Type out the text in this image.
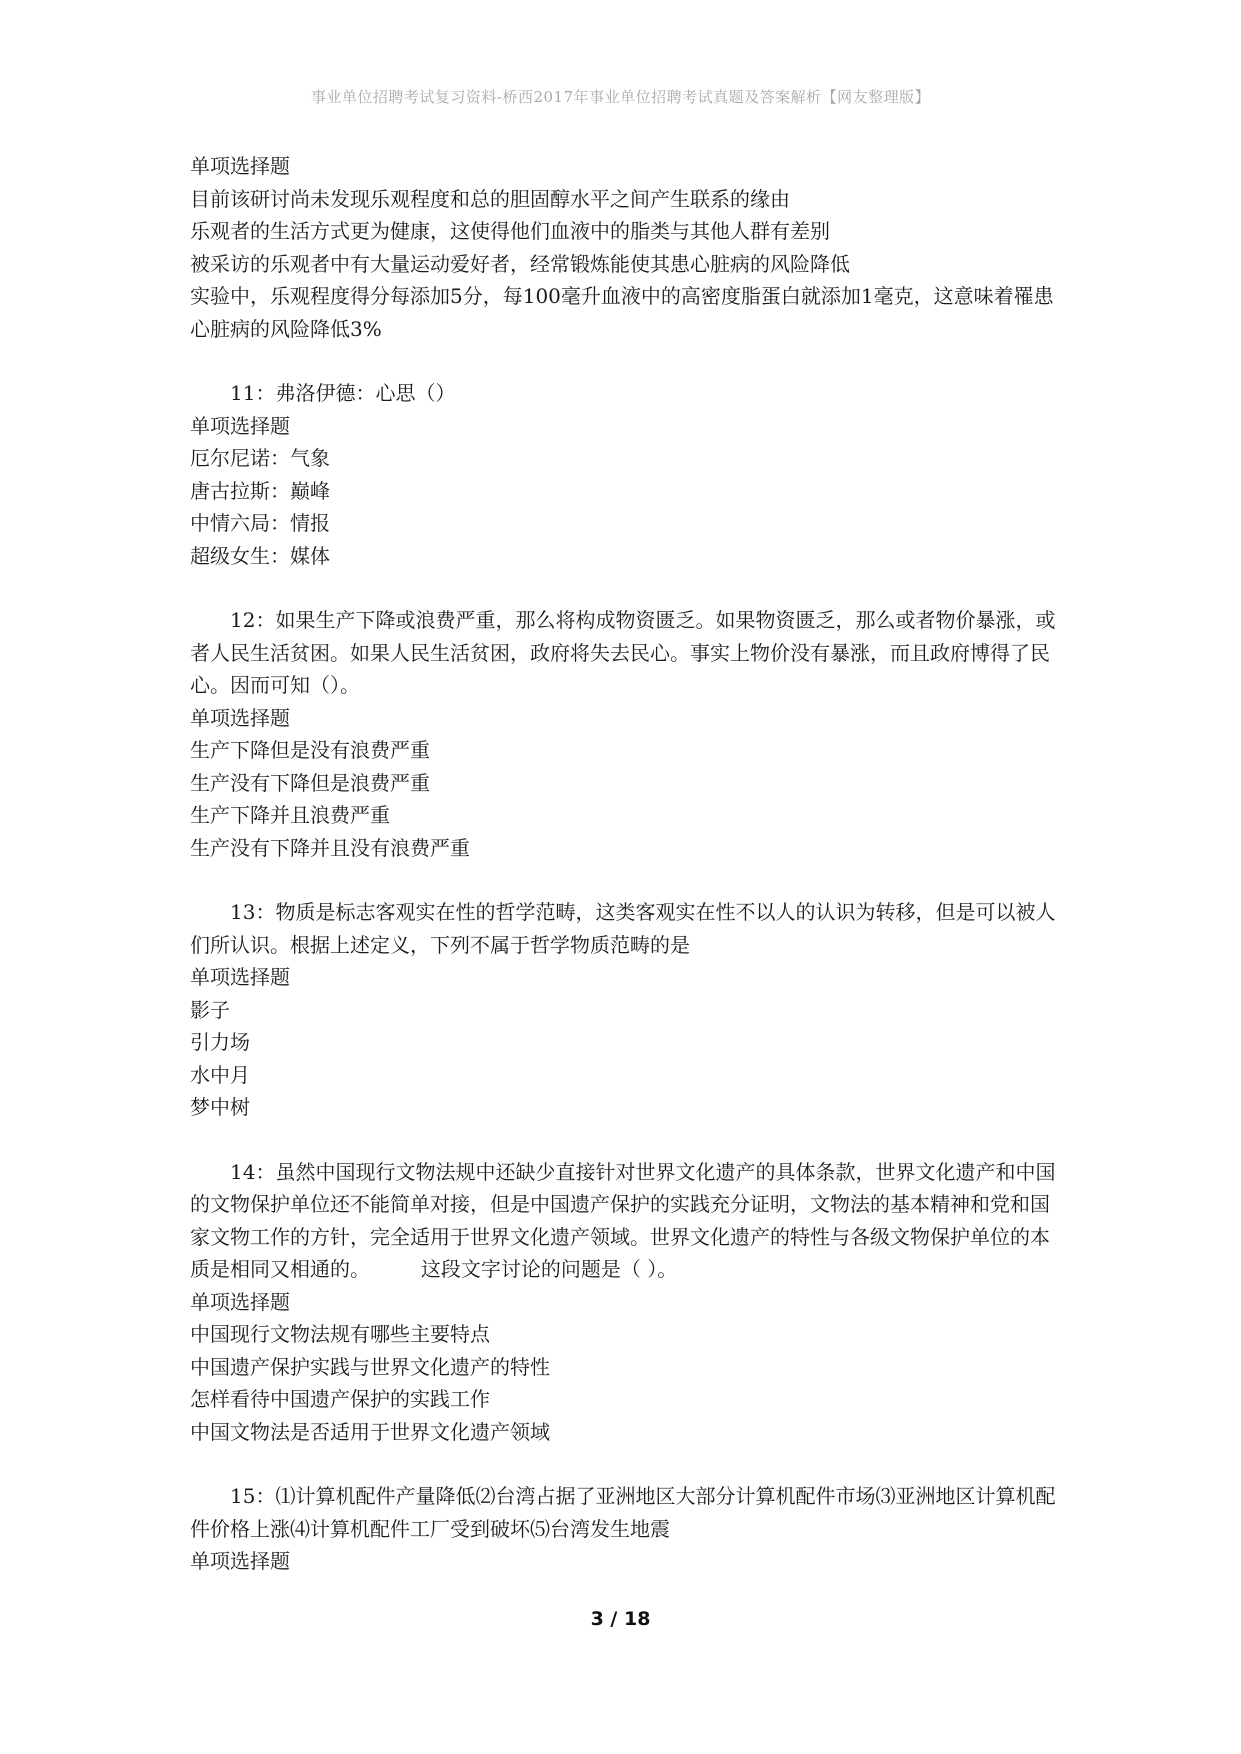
事业单位招聘考试复习资料-桥西2017年事业单位招聘考试真题及答案解析【网友整理版】

单项选择题

目前该研讨尚未发现乐观程度和总的胆固醇水平之间产生联系的缘由

乐观者的生活方式更为健康，这使得他们血液中的脂类与其他人群有差别

被采访的乐观者中有大量运动爱好者，经常锻炼能使其患心脏病的风险降低

实验中，乐观程度得分每添加5分，每100毫升血液中的高密度脂蛋白就添加1毫克，这意味着罹患心脏病的风险降低3%

11：弗洛伊德：心思（）

单项选择题

厄尔尼诺：气象

唐古拉斯：巅峰

中情六局：情报

超级女生：媒体

12：如果生产下降或浪费严重，那么将构成物资匮乏。如果物资匮乏，那么或者物价暴涨，或者人民生活贫困。如果人民生活贫困，政府将失去民心。事实上物价没有暴涨，而且政府博得了民心。因而可知（）。

单项选择题

生产下降但是没有浪费严重

生产没有下降但是浪费严重

生产下降并且浪费严重

生产没有下降并且没有浪费严重

13：物质是标志客观实在性的哲学范畴，这类客观实在性不以人的认识为转移，但是可以被人们所认识。根据上述定义，下列不属于哲学物质范畴的是

单项选择题

影子

引力场

水中月

梦中树

14：虽然中国现行文物法规中还缺少直接针对世界文化遗产的具体条款，世界文化遗产和中国的文物保护单位还不能简单对接，但是中国遗产保护的实践充分证明，文物法的基本精神和党和国家文物工作的方针，完全适用于世界文化遗产领域。世界文化遗产的特性与各级文物保护单位的本质是相同又相通的。        这段文字讨论的问题是（ ）。

单项选择题

中国现行文物法规有哪些主要特点

中国遗产保护实践与世界文化遗产的特性

怎样看待中国遗产保护的实践工作

中国文物法是否适用于世界文化遗产领域

15：⑴计算机配件产量降低⑵台湾占据了亚洲地区大部分计算机配件市场⑶亚洲地区计算机配件价格上涨⑷计算机配件工厂受到破坏⑸台湾发生地震

单项选择题

3 / 18
